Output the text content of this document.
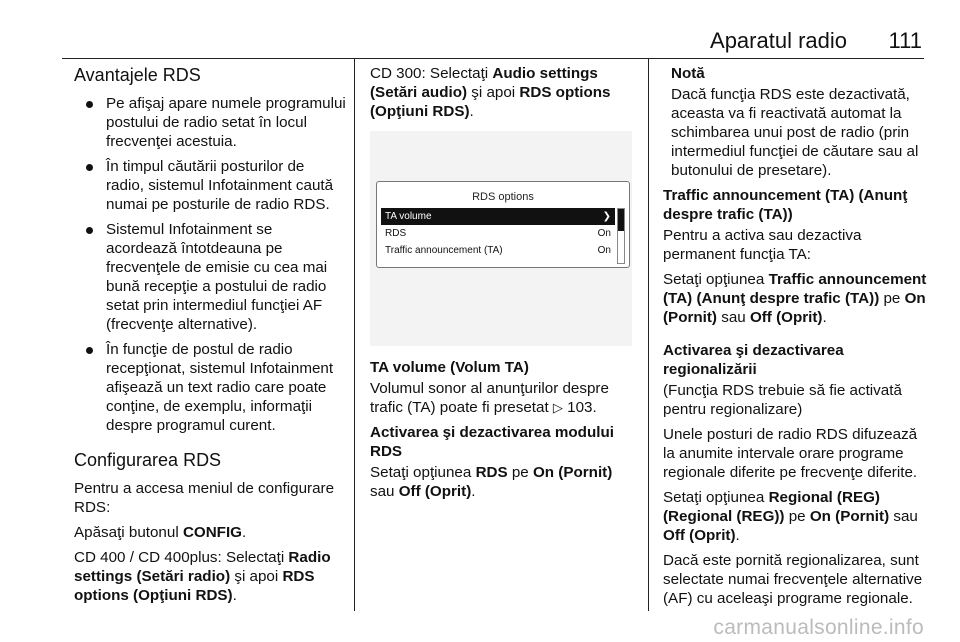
Aparatul radio 111
Avantajele RDS
Pe afişaj apare numele programului postului de radio setat în locul frecvenţei acestuia.
În timpul căutării posturilor de radio, sistemul Infotainment caută numai pe posturile de radio RDS.
Sistemul Infotainment se acordează întotdeauna pe frecvenţele de emisie cu cea mai bună recepţie a postului de radio setat prin intermediul funcţiei AF (frecvenţe alternative).
În funcţie de postul de radio recepţionat, sistemul Infotainment afişează un text radio care poate conţine, de exemplu, informaţii despre programul curent.
Configurarea RDS

Pentru a accesa meniul de configurare RDS:

Apăsaţi butonul CONFIG.

CD 400 / CD 400plus: Selectaţi Radio settings (Setări radio) şi apoi RDS options (Opţiuni RDS).

CD 300: Selectaţi Audio settings (Setări audio) şi apoi RDS options (Opţiuni RDS).

RDS options
TA volume	❯
RDS	On
Traffic announcement (TA)	On

TA volume (Volum TA)

Volumul sonor al anunţurilor despre trafic (TA) poate fi presetat ▷ 103.

Activarea şi dezactivarea modului RDS

Setaţi opţiunea RDS pe On (Pornit) sau Off (Oprit).

Notă

Dacă funcţia RDS este dezactivată, aceasta va fi reactivată automat la schimbarea unui post de radio (prin intermediul funcţiei de căutare sau al butonului de presetare).

Traffic announcement (TA) (Anunţ despre trafic (TA))

Pentru a activa sau dezactiva permanent funcţia TA:

Setaţi opţiunea Traffic announcement (TA) (Anunţ despre trafic (TA)) pe On (Pornit) sau Off (Oprit).

Activarea şi dezactivarea regionalizării

(Funcţia RDS trebuie să fie activată pentru regionalizare)

Unele posturi de radio RDS difuzează la anumite intervale orare programe regionale diferite pe frecvenţe diferite.

Setaţi opţiunea Regional (REG) (Regional (REG)) pe On (Pornit) sau Off (Oprit).

Dacă este pornită regionalizarea, sunt selectate numai frecvenţele alternative (AF) cu aceleaşi programe regionale.

carmanualsonline.info
